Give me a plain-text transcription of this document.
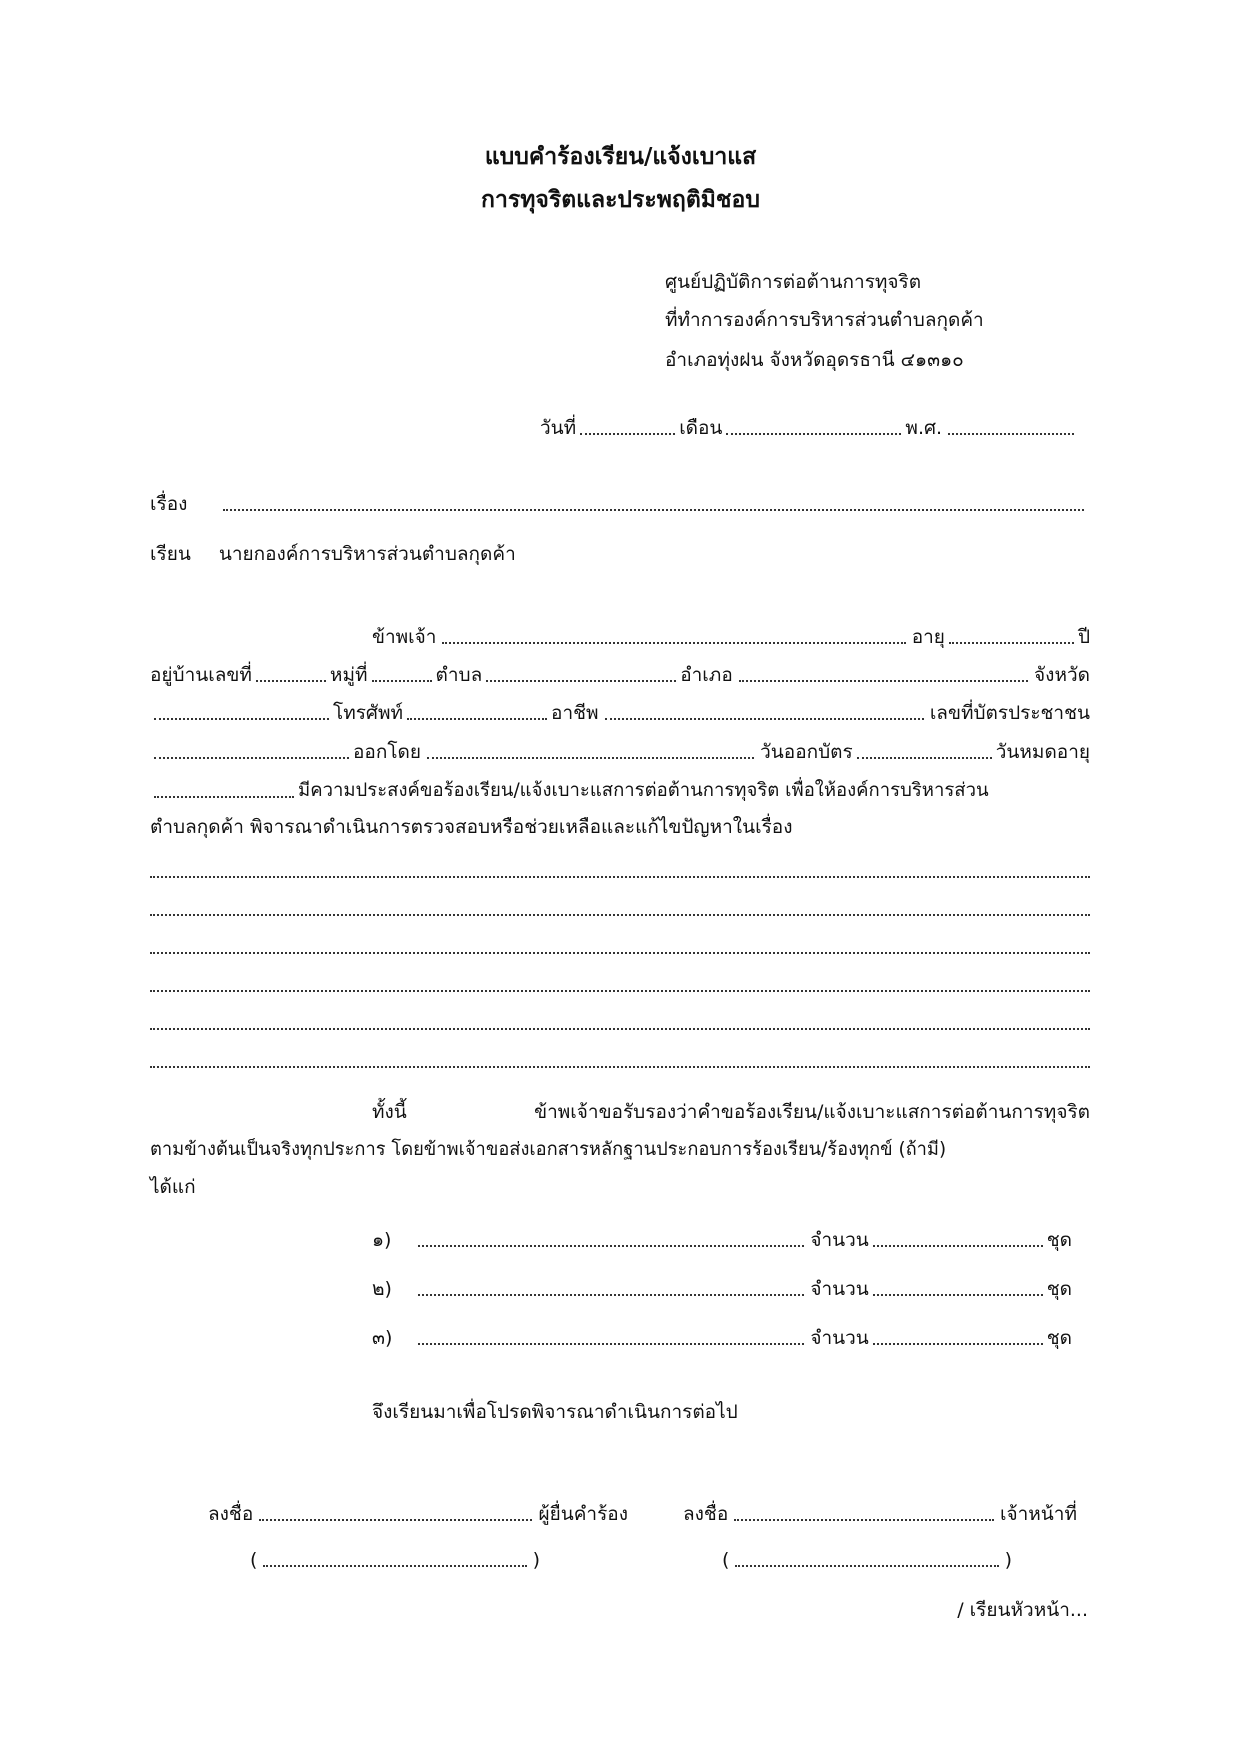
แบบคำร้องเรียน/แจ้งเบาแส
การทุจริตและประพฤติมิชอบ
ศูนย์ปฏิบัติการต่อต้านการทุจริต
ที่ทำการองค์การบริหารส่วนตำบลกุดค้า
อำเภอทุ่งฝน จังหวัดอุดรธานี ๔๑๓๑๐
วันที่	เดือน	พ.ศ.
เรื่อง
เรียน นายกองค์การบริหารส่วนตำบลกุดค้า
ข้าพเจ้า	อายุ	ปี
อยู่บ้านเลขที่	หมู่ที่	ตำบล	อำเภอ	จังหวัด
โทรศัพท์	อาชีพ	เลขที่บัตรประชาชน
ออกโดย	วันออกบัตร	วันหมดอายุ
มีความประสงค์ขอร้องเรียน/แจ้งเบาะแสการต่อต้านการทุจริต เพื่อให้องค์การบริหารส่วน
ตำบลกุดค้า พิจารณาดำเนินการตรวจสอบหรือช่วยเหลือและแก้ไขปัญหาในเรื่อง
ทั้งนี้ ข้าพเจ้าขอรับรองว่าคำขอร้องเรียน/แจ้งเบาะแสการต่อต้านการทุจริต
ตามข้างต้นเป็นจริงทุกประการ โดยข้าพเจ้าขอส่งเอกสารหลักฐานประกอบการร้องเรียน/ร้องทุกข์ (ถ้ามี)
ได้แก่
๑)	จำนวน	ชุด
๒)	จำนวน	ชุด
๓)	จำนวน	ชุด
จึงเรียนมาเพื่อโปรดพิจารณาดำเนินการต่อไป
ลงชื่อ	ผู้ยื่นคำร้อง	ลงชื่อ	เจ้าหน้าที่
(	)	(	)
/ เรียนหัวหน้า...
